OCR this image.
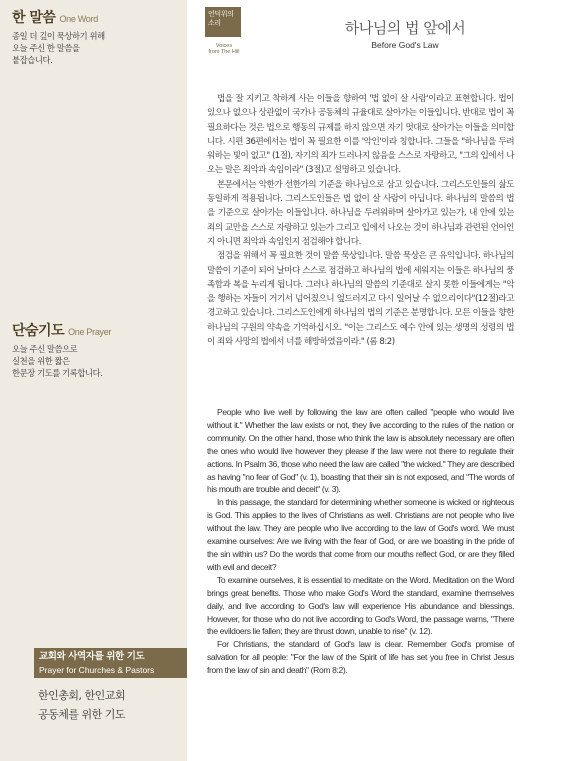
한 말씀 One Word
종일 더 깊이 묵상하기 위해
오늘 주신 한 말씀을
붙잡습니다.
단숨기도 One Prayer
오늘 주신 말씀으로
실천을 위한 짧은
한문장 기도를 기록합니다.
교회와 사역자를 위한 기도
Prayer for Churches & Pastors
한인총회, 한인교회
공동체를 위한 기도
언덕위의
소리
Voices
from The Hill
하나님의 법 앞에서
Before God's Law

법을 잘 지키고 착하게 사는 이들을 향하여 '법 없이 살 사람'이라고 표현합니다. 법이 있으나 없으나 상관없이 국가나 공동체의 규율대로 살아가는 이들입니다. 반대로 법이 꼭 필요하다는 것은 법으로 행동의 규제를 하지 않으면 자기 멋대로 살아가는 이들을 의미합니다. 시편 36편에서는 법이 꼭 필요한 이를 '악인'이라 칭합니다. 그들을 "하나님을 두려워하는 빛이 없고" (1절), 자기의 죄가 드러나지 않음을 스스로 자랑하고, "그의 입에서 나오는 말은 죄악과 속임이라" (3절)고 설명하고 있습니다.

본문에서는 악한가 선한가의 기준을 하나님으로 삼고 있습니다. 그리스도인들의 삶도 동일하게 적용됩니다. 그리스도인들은 법 없이 살 사람이 아닙니다. 하나님의 말씀의 법을 기준으로 살아가는 이들입니다. 하나님을 두려워하며 살아가고 있는가, 내 안에 있는 죄의 교만을 스스로 자랑하고 있는가 그리고 입에서 나오는 것이 하나님과 관련된 언어인지 아니면 죄악과 속임인지 점검해야 합니다.

점검을 위해서 꼭 필요한 것이 말씀 묵상입니다. 말씀 묵상은 큰 유익입니다. 하나님의 말씀이 기준이 되어 날마다 스스로 점검하고 하나님의 법에 세워지는 이들은 하나님의 풍족함과 복을 누리게 됩니다. 그러나 하나님의 말씀의 기준대로 살지 못한 이들에게는 "악을 행하는 자들이 거기서 넘어졌으니 엎드러지고 다시 일어날 수 없으리이다"(12절)라고 경고하고 있습니다. 그리스도인에게 하나님의 법의 기준은 분명합니다. 모든 이들을 향한 하나님의 구원의 약속을 기억하십시오. "이는 그리스도 예수 안에 있는 생명의 성령의 법이 죄와 사망의 법에서 너를 해방하였음이라." (롬 8:2)

People who live well by following the law are often called "people who would live without it." Whether the law exists or not, they live according to the rules of the nation or community. On the other hand, those who think the law is absolutely necessary are often the ones who would live however they please if the law were not there to regulate their actions. In Psalm 36, those who need the law are called "the wicked." They are described as having "no fear of God" (v. 1), boasting that their sin is not exposed, and "The words of his mouth are trouble and deceit" (v. 3).

In this passage, the standard for determining whether someone is wicked or righteous is God. This applies to the lives of Christians as well. Christians are not people who live without the law. They are people who live according to the law of God's word. We must examine ourselves: Are we living with the fear of God, or are we boasting in the pride of the sin within us? Do the words that come from our mouths reflect God, or are they filled with evil and deceit?

To examine ourselves, it is essential to meditate on the Word. Meditation on the Word brings great benefits. Those who make God's Word the standard, examine themselves daily, and live according to God's law will experience His abundance and blessings. However, for those who do not live according to God's Word, the passage warns, "There the evildoers lie fallen; they are thrust down, unable to rise" (v. 12).

For Christians, the standard of God's law is clear. Remember God's promise of salvation for all people: "For the law of the Spirit of life has set you free in Christ Jesus from the law of sin and death" (Rom 8:2).
